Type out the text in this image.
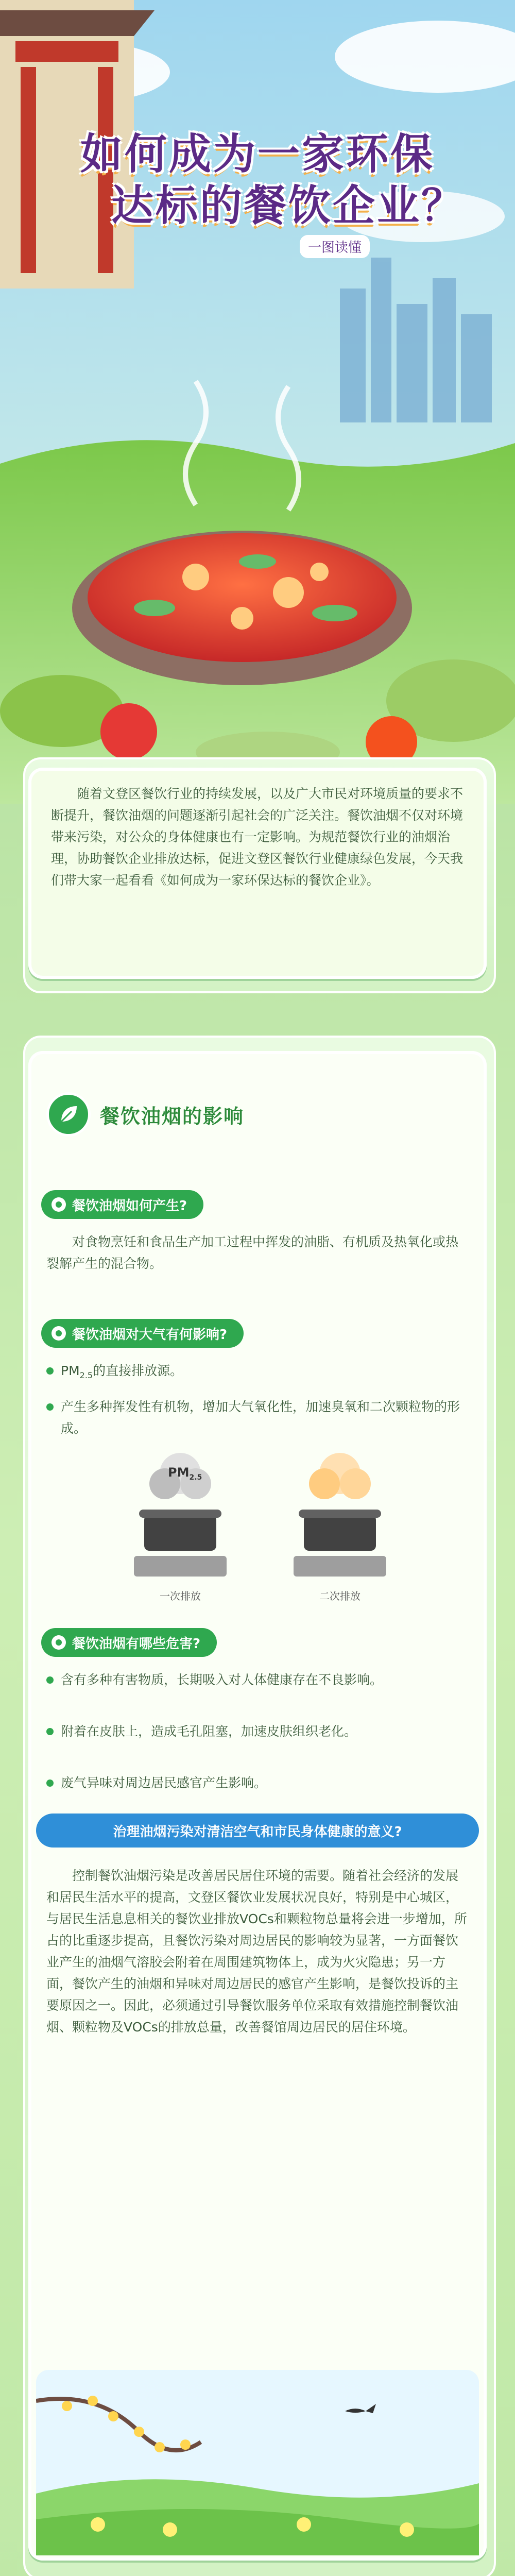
如何成为一家环保
达标的餐饮企业？
一图读懂

随着文登区餐饮行业的持续发展，以及广大市民对环境质量的要求不断提升，餐饮油烟的问题逐渐引起社会的广泛关注。餐饮油烟不仅对环境带来污染，对公众的身体健康也有一定影响。为规范餐饮行业的油烟治理，协助餐饮企业排放达标，促进文登区餐饮行业健康绿色发展，今天我们带大家一起看看《如何成为一家环保达标的餐饮企业》。

餐饮油烟的影响
餐饮油烟如何产生?

对食物烹饪和食品生产加工过程中挥发的油脂、有机质及热氧化或热裂解产生的混合物。

餐饮油烟对大气有何影响?
$PM_{2.5}$的直接排放源。
产生多种挥发性有机物，增加大气氧化性，加速臭氧和二次颗粒物的形成。
$PM_{2.5}$
一次排放	二次排放
餐饮油烟有哪些危害?
含有多种有害物质，长期吸入对人体健康存在不良影响。
附着在皮肤上，造成毛孔阻塞，加速皮肤组织老化。
废气异味对周边居民感官产生影响。
治理油烟污染对清洁空气和市民身体健康的意义?

控制餐饮油烟污染是改善居民居住环境的需要。随着社会经济的发展和居民生活水平的提高，文登区餐饮业发展状况良好，特别是中心城区，与居民生活息息相关的餐饮业排放VOCs和颗粒物总量将会进一步增加，所占的比重逐步提高，且餐饮污染对周边居民的影响较为显著，一方面餐饮业产生的油烟气溶胶会附着在周围建筑物体上，成为火灾隐患；另一方面，餐饮产生的油烟和异味对周边居民的感官产生影响，是餐饮投诉的主要原因之一。因此，必须通过引导餐饮服务单位采取有效措施控制餐饮油烟、颗粒物及VOCs的排放总量，改善餐馆周边居民的居住环境。
